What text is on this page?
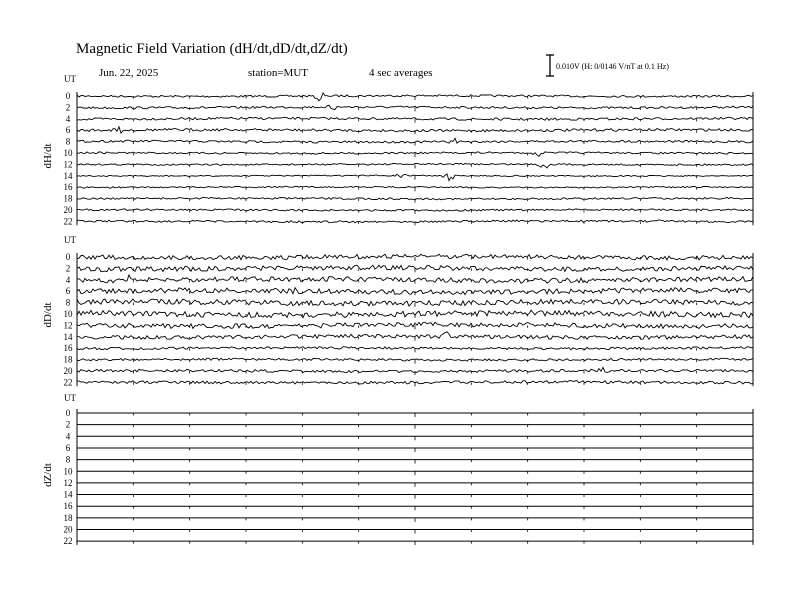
Magnetic Field Variation (dH/dt,dD/dt,dZ/dt)
Jun. 22, 2025	station=MUT	4 sec averages
0.010V (H: 0/0146 V/nT at 0.1 Hz)
UT
dH/dt
0
2
4
6
8
10
12
14
16
18
20
22
UT
dD/dt
0
2
4
6
8
10
12
14
16
18
20
22
UT
dZ/dt
0
2
4
6
8
10
12
14
16
18
20
22
